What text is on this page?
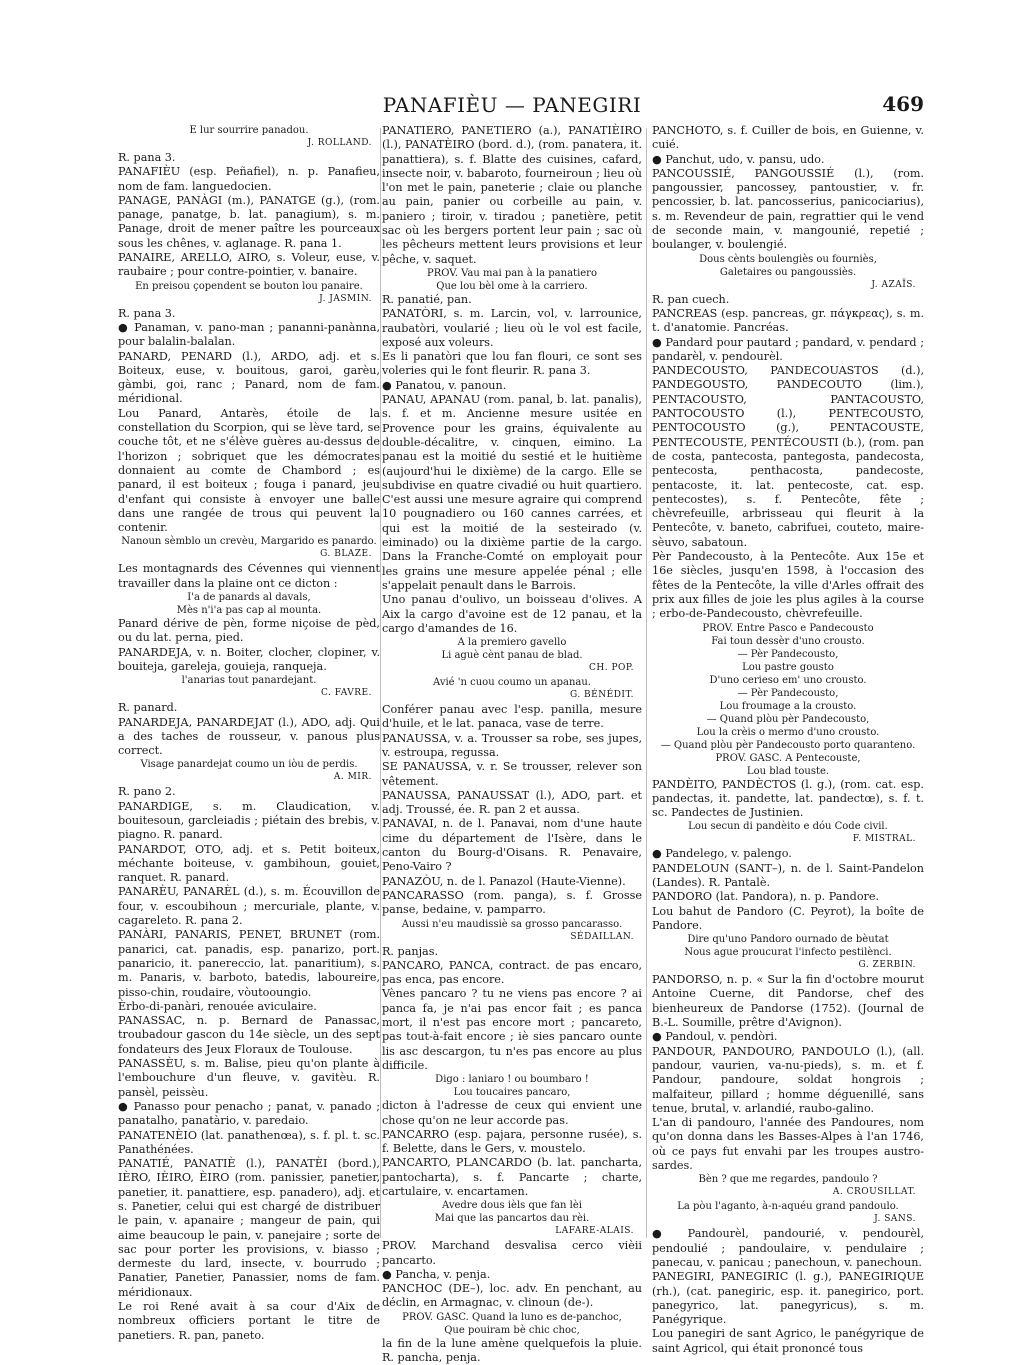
PANAFIÈU — PANEGIRI	469
E lur sourrire panadou.
J. ROLLAND.

R. pana 3.

PANAFIÈU (esp. Peñafiel), n. p. Panafieu, nom de fam. languedocien.

PANAGE, PANÀGI (m.), PANATGE (g.), (rom. panage, panatge, b. lat. panagium), s. m. Panage, droit de mener paître les pourceaux sous les chênes, v. aglanage. R. pana 1.

PANAIRE, ARELLO, AIRO, s. Voleur, euse, v. raubaire ; pour contre-pointier, v. banaire.

En preisou çopendent se bouton lou panaire.
J. JASMIN.

R. pana 3.

● Panaman, v. pano-man ; pananni-panànna, pour balalin-balalan.

PANARD, PENARD (l.), ARDO, adj. et s. Boiteux, euse, v. bouitous, garoi, garèu, gàmbi, goi, ranc ; Panard, nom de fam. méridional.

Lou Panard, Antarès, étoile de la constellation du Scorpion, qui se lève tard, se couche tôt, et ne s'élève guères au-dessus de l'horizon ; sobriquet que les démocrates donnaient au comte de Chambord ; es panard, il est boiteux ; fouga i panard, jeu d'enfant qui consiste à envoyer une balle dans une rangée de trous qui peuvent la contenir.

Nanoun sèmblo un crevèu, Margarido es panardo.
G. BLAZE.

Les montagnards des Cévennes qui viennent travailler dans la plaine ont ce dicton :

I'a de panards al davals,
Mès n'i'a pas cap al mounta.

Panard dérive de pèn, forme niçoise de pèd, ou du lat. perna, pied.

PANARDEJA, v. n. Boiter, clocher, clopiner, v. bouiteja, gareleja, gouieja, ranqueja.

l'anarias tout panardejant.
C. FAVRE.

R. panard.

PANARDEJA, PANARDEJAT (l.), ADO, adj. Qui a des taches de rousseur, v. panous plus correct.

Visage panardejat coumo un iòu de perdis.
A. MIR.

R. pano 2.

PANARDIGE, s. m. Claudication, v. bouitesoun, garcleiadis ; piétain des brebis, v. piagno. R. panard.

PANARDOT, OTO, adj. et s. Petit boiteux, méchante boiteuse, v. gambihoun, gouiet, ranquet. R. panard.

PANARÈU, PANARÈL (d.), s. m. Écouvillon de four, v. escoubihoun ; mercuriale, plante, v. cagareleto. R. pana 2.

PANÀRI, PANARIS, PENET, BRUNET (rom. panarici, cat. panadis, esp. panarizo, port. panaricio, it. panereccio, lat. panaritium), s. m. Panaris, v. barboto, batedis, laboureire, pisso-chin, roudaire, vòutooungio.

Èrbo-di-panàri, renouée aviculaire.

PANASSAC, n. p. Bernard de Panassac, troubadour gascon du 14e siècle, un des sept fondateurs des Jeux Floraux de Toulouse.

PANASSÈU, s. m. Balise, pieu qu'on plante à l'embouchure d'un fleuve, v. gavitèu. R. pansèl, peissèu.

● Panasso pour penacho ; panat, v. panado ; panatalho, panatàrio, v. paredaio.

PANATENÈIO (lat. panathenœa), s. f. pl. t. sc. Panathénées.

PANATIÉ, PANATIÈ (l.), PANATÈI (bord.), IÈRO, IÈIRO, ÈIRO (rom. panissier, panetier, panetier, it. panattiere, esp. panadero), adj. et s. Panetier, celui qui est chargé de distribuer le pain, v. apanaire ; mangeur de pain, qui aime beaucoup le pain, v. panejaire ; sorte de sac pour porter les provisions, v. biasso ; dermeste du lard, insecte, v. bourrudo ; Panatier, Panetier, Panassier, noms de fam. méridionaux.

Le roi René avait à sa cour d'Aix de nombreux officiers portant le titre de panetiers. R. pan, paneto.

PANATIERO, PANETIERO (a.), PANATIÈIRO (l.), PANATÈIRO (bord. d.), (rom. panatera, it. panattiera), s. f. Blatte des cuisines, cafard, insecte noir, v. babaroto, fourneiroun ; lieu où l'on met le pain, paneterie ; claie ou planche au pain, panier ou corbeille au pain, v. paniero ; tiroir, v. tiradou ; panetière, petit sac où les bergers portent leur pain ; sac où les pêcheurs mettent leurs provisions et leur pêche, v. saquet.

PROV. Vau mai pan à la panatiero
Que lou bèl ome à la carriero.

R. panatié, pan.

PANATÒRI, s. m. Larcin, vol, v. larrounice, raubatòri, voularié ; lieu où le vol est facile, exposé aux voleurs.

Es li panatòri que lou fan flouri, ce sont ses voleries qui le font fleurir. R. pana 3.

● Panatou, v. panoun.

PANAU, APANAU (rom. panal, b. lat. panalis), s. f. et m. Ancienne mesure usitée en Provence pour les grains, équivalente au double-décalitre, v. cinquen, eimino. La panau est la moitié du sestié et le huitième (aujourd'hui le dixième) de la cargo. Elle se subdivise en quatre civadié ou huit quartiero. C'est aussi une mesure agraire qui comprend 10 pougnadiero ou 160 cannes carrées, et qui est la moitié de la sesteirado (v. eiminado) ou la dixième partie de la cargo. Dans la Franche-Comté on employait pour les grains une mesure appelée pénal ; elle s'appelait penault dans le Barrois.

Uno panau d'oulivo, un boisseau d'olives. A Aix la cargo d'avoine est de 12 panau, et la cargo d'amandes de 16.

A la premiero gavello
Li aguè cènt panau de blad.
CH. POP.
Avié 'n cuou coumo un apanau.
G. BÉNÉDIT.

Conférer panau avec l'esp. panilla, mesure d'huile, et le lat. panaca, vase de terre.

PANAUSSA, v. a. Trousser sa robe, ses jupes, v. estroupa, regussa.

SE PANAUSSA, v. r. Se trousser, relever son vêtement.

PANAUSSA, PANAUSSAT (l.), ADO, part. et adj. Troussé, ée. R. pan 2 et aussa.

PANAVAI, n. de l. Panavai, nom d'une haute cime du département de l'Isère, dans le canton du Bourg-d'Oisans. R. Penavaire, Peno-Vairo ?

PANAZÒU, n. de l. Panazol (Haute-Vienne).

PANCARASSO (rom. panga), s. f. Grosse panse, bedaine, v. pamparro.

Aussi n'eu maudissiè sa grosso pancarasso.
SÉDAILLAN.

R. panjas.

PANCARO, PANCA, contract. de pas encaro, pas enca, pas encore.

Vènes pancaro ? tu ne viens pas encore ? ai panca fa, je n'ai pas encor fait ; es panca mort, il n'est pas encore mort ; pancareto, pas tout-à-fait encore ; iè sies pancaro ounte lis asc descargon, tu n'es pas encore au plus difficile.

Digo : laniaro ! ou boumbaro !
Lou toucaires pancaro,

dicton à l'adresse de ceux qui envient une chose qu'on ne leur accorde pas.

PANCARRO (esp. pajara, personne rusée), s. f. Belette, dans le Gers, v. moustelo.

PANCARTO, PLANCARDO (b. lat. pancharta, pantocharta), s. f. Pancarte ; charte, cartulaire, v. encartamen.

Avedre dous ièls que fan lèi
Mai que las pancartos dau rèi.
LAFARE-ALAIS.

PROV. Marchand desvalisa cerco vièii pancarto.

● Pancha, v. penja.

PANCHOC (DE–), loc. adv. En penchant, au déclin, en Armagnac, v. clinoun (de-).

PROV. GASC. Quand la luno es de-panchoc,
Que pouiram bè chic choc,

la fin de la lune amène quelquefois la pluie. R. pancha, penja.

PANCHOTO, s. f. Cuiller de bois, en Guienne, v. cuié.

● Panchut, udo, v. pansu, udo.

PANCOUSSIÉ, PANGOUSSIÉ (l.), (rom. pangoussier, pancossey, pantoustier, v. fr. pencossier, b. lat. pancosserius, panicociarius), s. m. Revendeur de pain, regrattier qui le vend de seconde main, v. mangounié, repetié ; boulanger, v. boulengié.

Dous cènts boulengiès ou fourniès,
Galetaires ou pangoussiès.
J. AZAÏS.

R. pan cuech.

PANCREAS (esp. pancreas, gr. πάγκρεας), s. m. t. d'anatomie. Pancréas.

● Pandard pour pautard ; pandard, v. pendard ; pandarèl, v. pendourèl.

PANDECOUSTO, PANDECOUASTOS (d.), PANDEGOUSTO, PANDECOUTO (lim.), PENTACOUSTO, PANTACOUSTO, PANTOCOUSTO (l.), PENTECOUSTO, PENTOCOUSTO (g.), PENTACOUSTE, PENTECOUSTE, PENTÉCOUSTI (b.), (rom. pan de costa, pantecosta, pantegosta, pandecosta, pentecosta, penthacosta, pandecoste, pentacoste, it. lat. pentecoste, cat. esp. pentecostes), s. f. Pentecôte, fête ; chèvrefeuille, arbrisseau qui fleurit à la Pentecôte, v. baneto, cabrifuei, couteto, maire-sèuvo, sabatoun.

Pèr Pandecousto, à la Pentecôte. Aux 15e et 16e siècles, jusqu'en 1598, à l'occasion des fêtes de la Pentecôte, la ville d'Arles offrait des prix aux filles de joie les plus agiles à la course ; erbo-de-Pandecousto, chèvrefeuille.

PROV. Entre Pasco e Pandecousto
Fai toun dessèr d'uno crousto.
— Pèr Pandecousto,
Lou pastre gousto
D'uno cerieso em' uno crousto.
— Pèr Pandecousto,
Lou froumage a la crousto.
— Quand plòu pèr Pandecousto,
Lou la crèis o mermo d'uno crousto.
— Quand plòu pèr Pandecousto porto quaranteno.
PROV. GASC. A Pentecouste,
Lou blad touste.

PANDÈITO, PANDÈCTOS (l. g.), (rom. cat. esp. pandectas, it. pandette, lat. pandectœ), s. f. t. sc. Pandectes de Justinien.

Lou secun di pandèito e dóu Code civil.
F. MISTRAL.

● Pandelego, v. palengo.

PANDELOUN (SANT–), n. de l. Saint-Pandelon (Landes). R. Pantalè.

PANDORO (lat. Pandora), n. p. Pandore.

Lou bahut de Pandoro (C. Peyrot), la boîte de Pandore.

Dire qu'uno Pandoro ournado de bèutat
Nous ague proucurat l'infecto pestilènci.
G. ZERBIN.

PANDORSO, n. p. « Sur la fin d'octobre mourut Antoine Cuerne, dit Pandorse, chef des bienheureux de Pandorse (1752). (Journal de B.-L. Soumille, prêtre d'Avignon).

● Pandoul, v. pendòri.

PANDOUR, PANDOURO, PANDOULO (l.), (all. pandour, vaurien, va-nu-pieds), s. m. et f. Pandour, pandoure, soldat hongrois ; malfaiteur, pillard ; homme déguenillé, sans tenue, brutal, v. arlandié, raubo-galino.

L'an di pandouro, l'année des Pandoures, nom qu'on donna dans les Basses-Alpes à l'an 1746, où ce pays fut envahi par les troupes austro-sardes.

Bèn ? que me regardes, pandoulo ?
A. CROUSILLAT.
La pòu l'aganto, à-n-aquéu grand pandoulo.
J. SANS.

● Pandourèl, pandourié, v. pendourèl, pendoulié ; pandoulaire, v. pendulaire ; panecau, v. panicau ; panechoun, v. panechoun.

PANEGIRI, PANEGIRIC (l. g.), PANEGIRIQUE (rh.), (cat. panegiric, esp. it. panegirico, port. panegyrico, lat. panegyricus), s. m. Panégyrique.

Lou panegiri de sant Agrico, le panégyrique de saint Agricol, qui était prononcé tous
